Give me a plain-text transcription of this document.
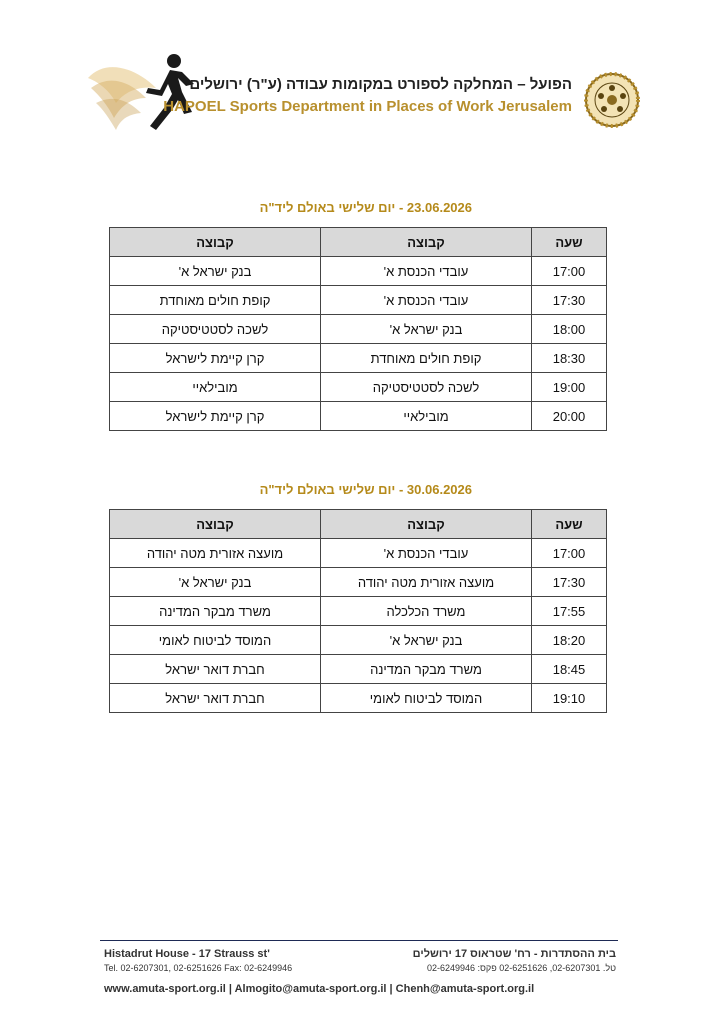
הפועל – המחלקה לספורט במקומות עבודה (ע"ר) ירושלים
HAPOEL Sports Department in Places of Work Jerusalem
23.06.2026 - יום שלישי באולם ליד"ה
שעה	קבוצה	קבוצה
17:00	עובדי הכנסת א'	בנק ישראל א'
17:30	עובדי הכנסת א'	קופת חולים מאוחדת
18:00	בנק ישראל א'	לשכה לסטטיסטיקה
18:30	קופת חולים מאוחדת	קרן קיימת לישראל
19:00	לשכה לסטטיסטיקה	מובילאיי
20:00	מובילאיי	קרן קיימת לישראל
30.06.2026 - יום שלישי באולם ליד"ה
שעה	קבוצה	קבוצה
17:00	עובדי הכנסת א'	מועצה אזורית מטה יהודה
17:30	מועצה אזורית מטה יהודה	בנק ישראל א'
17:55	משרד הכלכלה	משרד מבקר המדינה
18:20	בנק ישראל א'	המוסד לביטוח לאומי
18:45	משרד מבקר המדינה	חברת דואר ישראל
19:10	המוסד לביטוח לאומי	חברת דואר ישראל
Histadrut House - 17 Strauss st'
Tel. 02-6207301, 02-6251626 Fax: 02-6249946
בית ההסתדרות - רח' שטראוס 17 ירושלים
טל. 02-6207301, 02-6251626 פקס: 02-6249946
www.amuta-sport.org.il | Almogito@amuta-sport.org.il | Chenh@amuta-sport.org.il
